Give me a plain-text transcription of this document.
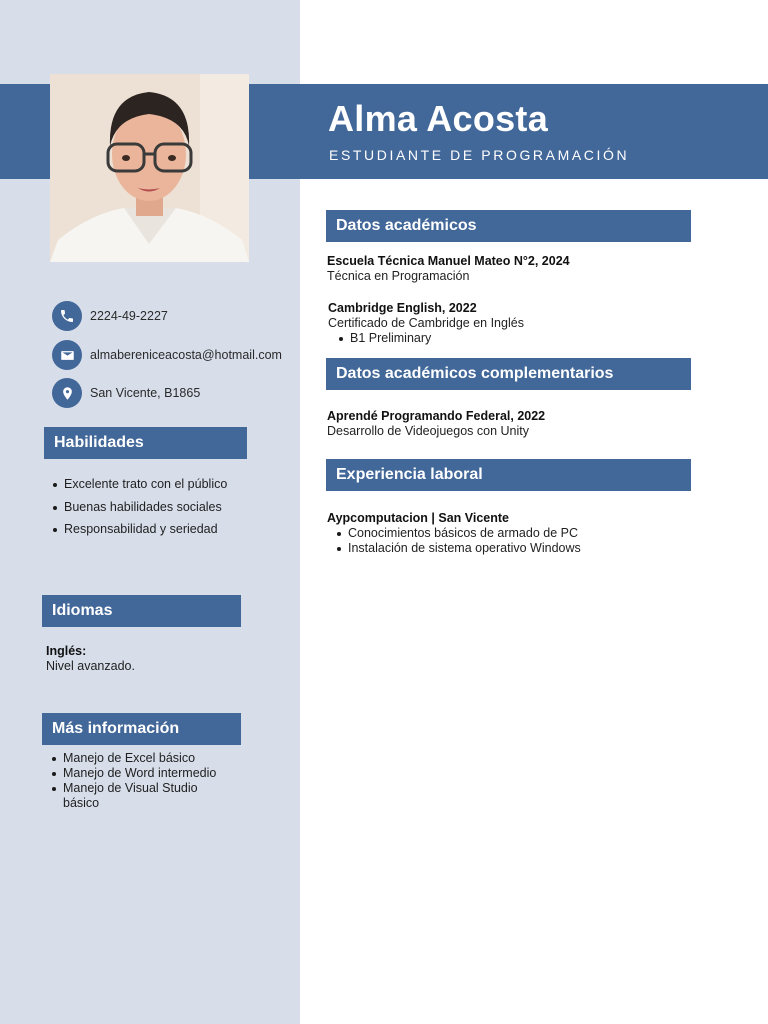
Alma Acosta
ESTUDIANTE DE PROGRAMACIÓN
2224-49-2227
almabereniceacosta@hotmail.com
San Vicente, B1865
Habilidades
Excelente trato con el público
Buenas habilidades sociales
Responsabilidad y seriedad
Idiomas
Inglés:
Nivel avanzado.
Más información
Manejo de Excel básico
Manejo de Word intermedio
Manejo de Visual Studio básico
Datos académicos
Escuela Técnica Manuel Mateo N°2, 2024
Técnica en Programación
Cambridge English, 2022
Certificado de Cambridge en Inglés
B1 Preliminary
Datos académicos complementarios
Aprendé Programando Federal, 2022
Desarrollo de Videojuegos con Unity
Experiencia laboral
Aypcomputacion | San Vicente
Conocimientos básicos de armado de PC
Instalación de sistema operativo Windows
